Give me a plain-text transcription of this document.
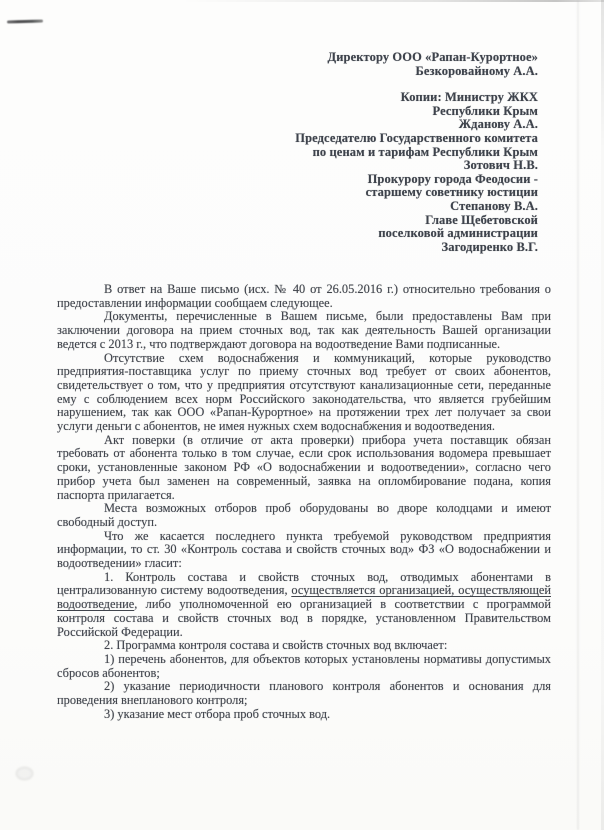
Директору ООО «Рапан-Курортное»
Безкоровайному А.А.
Копии: Министру ЖКХ
Республики Крым
Жданову А.А.
Председателю Государственного комитета
по ценам и тарифам Республики Крым
Зотович Н.В.
Прокурору города Феодосии -
старшему советнику юстиции
Степанову В.А.
Главе Щебетовской
поселковой администрации
Загодиренко В.Г.

В ответ на Ваше письмо (исх. № 40 от 26.05.2016 г.) относительно требования о предоставлении информации сообщаем следующее.

Документы, перечисленные в Вашем письме, были предоставлены Вам при заключении договора на прием сточных вод, так как деятельность Вашей организации ведется с 2013 г., что подтверждают договора на водоотведение Вами подписанные.

Отсутствие схем водоснабжения и коммуникаций, которые руководство предприятия-поставщика услуг по приему сточных вод требует от своих абонентов, свидетельствует о том, что у предприятия отсутствуют канализационные сети, переданные ему с соблюдением всех норм Российского законодательства, что является грубейшим нарушением, так как ООО «Рапан-Курортное» на протяжении трех лет получает за свои услуги деньги с абонентов, не имея нужных схем водоснабжения и водоотведения.

Акт поверки (в отличие от акта проверки) прибора учета поставщик обязан требовать от абонента только в том случае, если срок использования водомера превышает сроки, установленные законом РФ «О водоснабжении и водоотведении», согласно чего прибор учета был заменен на современный, заявка на опломбирование подана, копия паспорта прилагается.

Места возможных отборов проб оборудованы во дворе колодцами и имеют свободный доступ.

Что же касается последнего пункта требуемой руководством предприятия информации, то ст. 30 «Контроль состава и свойств сточных вод» ФЗ «О водоснабжении и водоотведении» гласит:

1. Контроль состава и свойств сточных вод, отводимых абонентами в централизованную систему водоотведения, осуществляется организацией, осуществляющей водоотведение, либо уполномоченной ею организацией в соответствии с программой контроля состава и свойств сточных вод в порядке, установленном Правительством Российской Федерации.

2. Программа контроля состава и свойств сточных вод включает:

1) перечень абонентов, для объектов которых установлены нормативы допустимых сбросов абонентов;

2) указание периодичности планового контроля абонентов и основания для проведения внепланового контроля;

3) указание мест отбора проб сточных вод.
